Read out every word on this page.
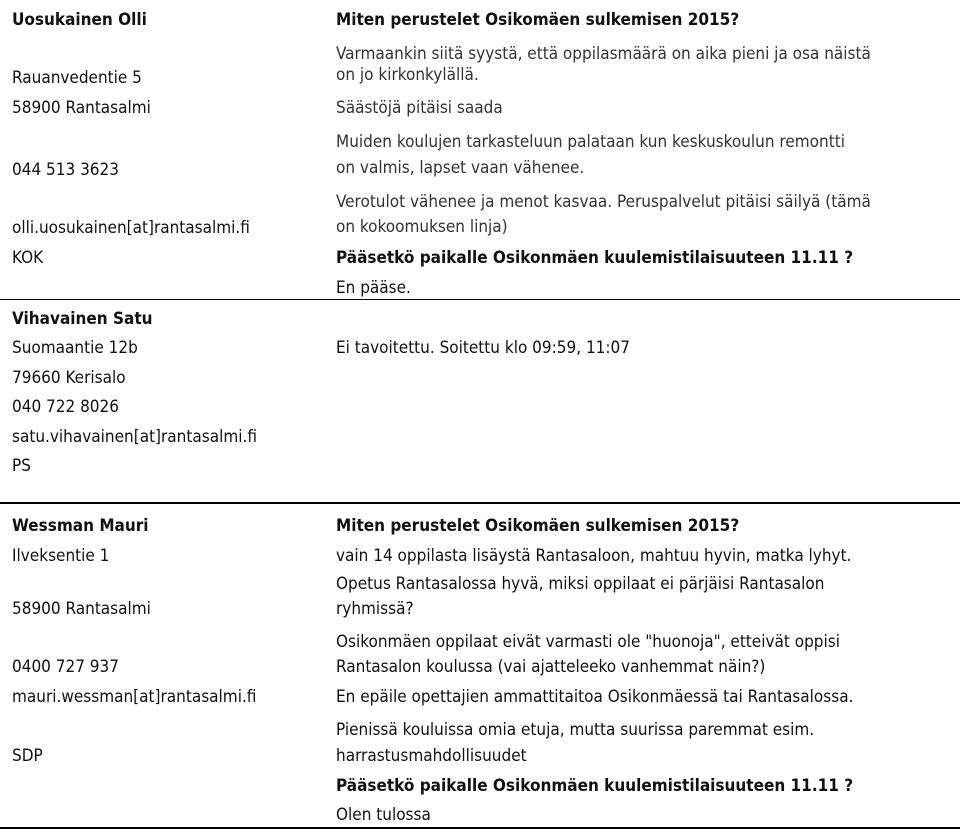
Uosukainen Olli
Rauanvedentie 5
58900 Rantasalmi
044 513 3623
olli.uosukainen[at]rantasalmi.fi
KOK
Miten perustelet Osikomäen sulkemisen 2015?
Varmaankin siitä syystä, että oppilasmäärä on aika pieni ja osa näistä
on jo kirkonkylällä.
Säästöjä pitäisi saada
Muiden koulujen tarkasteluun palataan kun keskuskoulun remontti
on valmis, lapset vaan vähenee.
Verotulot vähenee ja menot kasvaa. Peruspalvelut pitäisi säilyä (tämä
on kokoomuksen linja)
Pääsetkö paikalle Osikonmäen kuulemistilaisuuteen 11.11 ?
En pääse.
Vihavainen Satu
Suomaantie 12b
79660 Kerisalo
040 722 8026
satu.vihavainen[at]rantasalmi.fi
PS
Ei tavoitettu. Soitettu klo 09:59, 11:07
Wessman Mauri
Ilveksentie 1
58900 Rantasalmi
0400 727 937
mauri.wessman[at]rantasalmi.fi
SDP
Miten perustelet Osikomäen sulkemisen 2015?
vain 14 oppilasta lisäystä Rantasaloon, mahtuu hyvin, matka lyhyt.
Opetus Rantasalossa hyvä, miksi oppilaat ei pärjäisi Rantasalon
ryhmissä?
Osikonmäen oppilaat eivät varmasti ole "huonoja", etteivät oppisi
Rantasalon koulussa (vai ajatteleeko vanhemmat näin?)
En epäile opettajien ammattitaitoa Osikonmäessä tai Rantasalossa.
Pienissä kouluissa omia etuja, mutta suurissa paremmat esim.
harrastusmahdollisuudet
Pääsetkö paikalle Osikonmäen kuulemistilaisuuteen 11.11 ?
Olen tulossa
